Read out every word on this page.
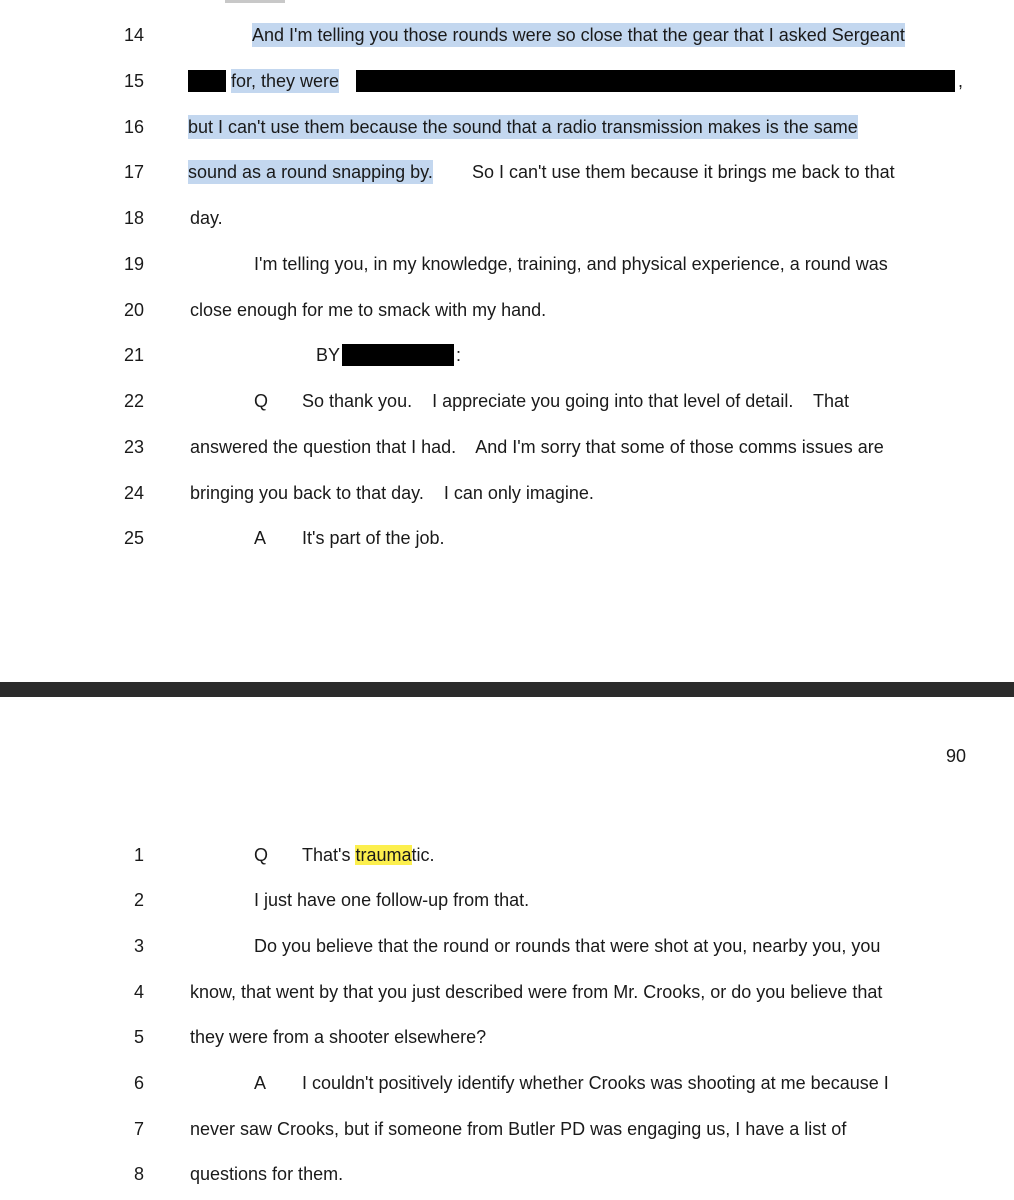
14	And I'm telling you those rounds were so close that the gear that I asked Sergeant
15	for, they were	,
16 but I can't use them because the sound that a radio transmission makes is the same
17 sound as a round snapping by. So I can't use them because it brings me back to that
18	day.
19	I'm telling you, in my knowledge, training, and physical experience, a round was
20	close enough for me to smack with my hand.
21	BY	:
22	Q So thank you.    I appreciate you going into that level of detail.    That
23	answered the question that I had.    And I'm sorry that some of those comms issues are
24	bringing you back to that day.    I can only imagine.
25	A It's part of the job.
90
1	Q That's traumatic.
2	I just have one follow-up from that.
3	Do you believe that the round or rounds that were shot at you, nearby you, you
4	know, that went by that you just described were from Mr. Crooks, or do you believe that
5	they were from a shooter elsewhere?
6	A I couldn't positively identify whether Crooks was shooting at me because I
7	never saw Crooks, but if someone from Butler PD was engaging us, I have a list of
8	questions for them.
